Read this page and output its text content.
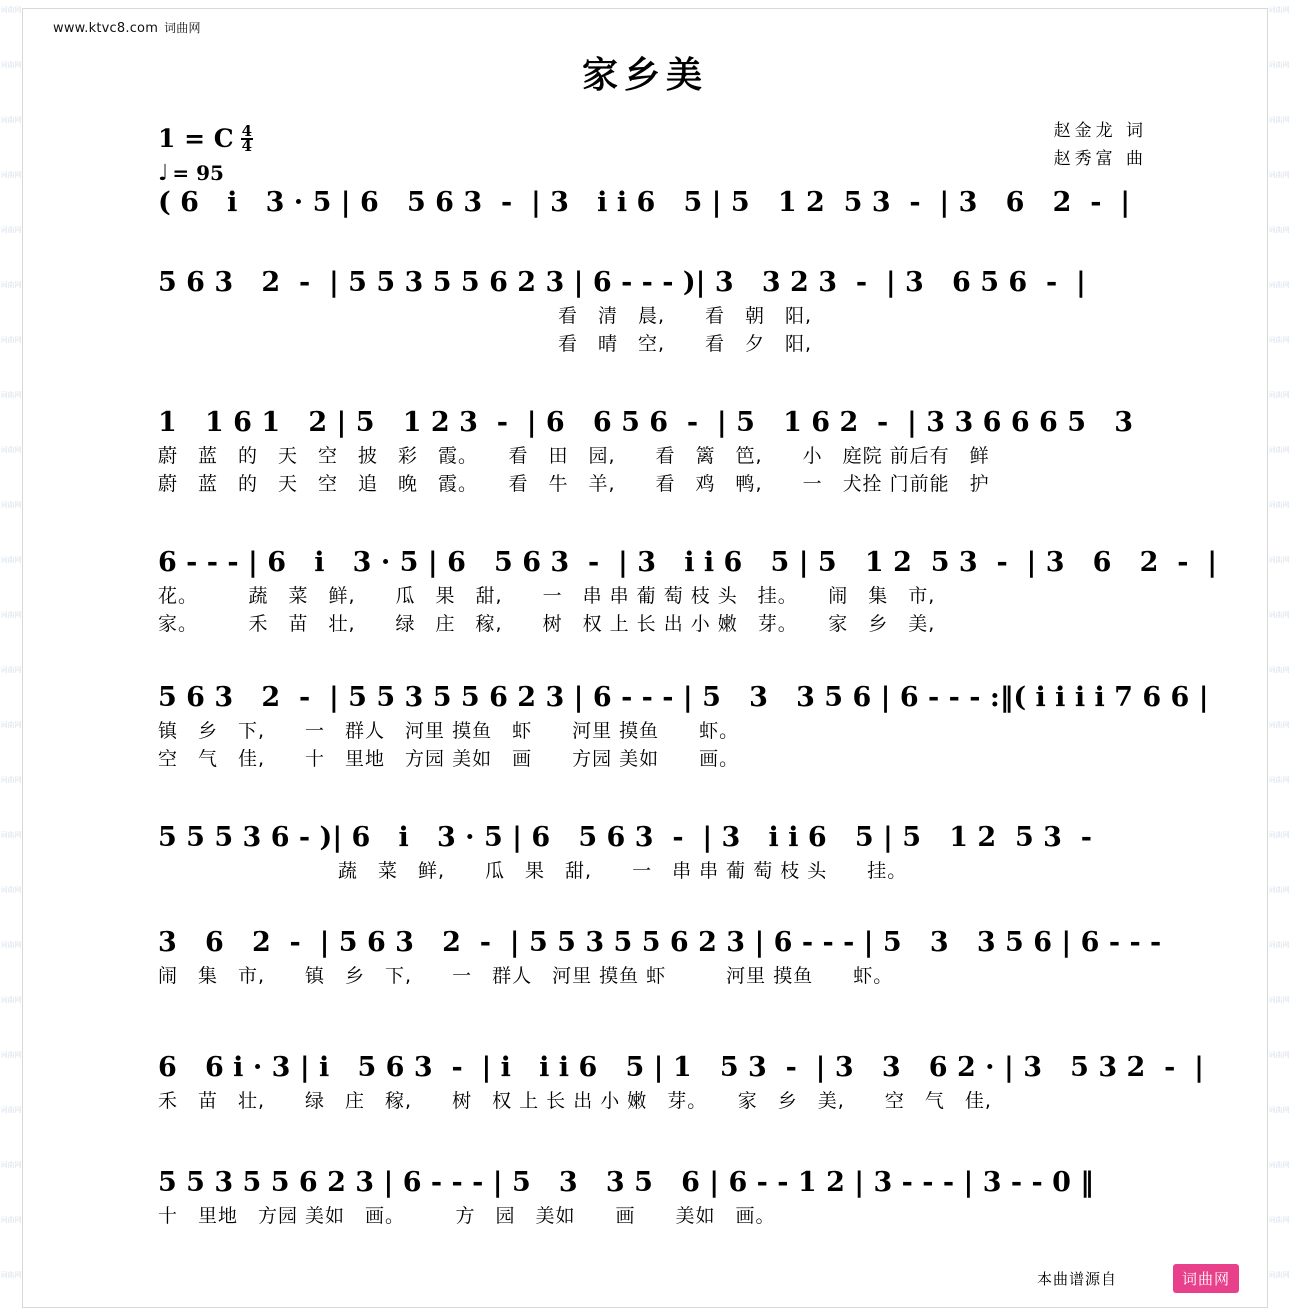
词曲网
词曲网
词曲网
词曲网
词曲网
词曲网
词曲网
词曲网
词曲网
词曲网
词曲网
词曲网
词曲网
词曲网
词曲网
词曲网
词曲网
词曲网
词曲网
词曲网
词曲网
词曲网
词曲网
词曲网
词曲网
词曲网
词曲网
词曲网
词曲网
词曲网
词曲网
词曲网
词曲网
词曲网
词曲网
词曲网
词曲网
词曲网
词曲网
词曲网
词曲网
词曲网
词曲网
词曲网
词曲网
词曲网
词曲网
词曲网
www.ktvc8.com 词曲网
家乡美
赵金龙 词
赵秀富 曲
1 = C $\frac{4}{4}$
♩ = 95
( 6   i   3 · 5 | 6   5 6 3  -  | 3   i i 6   5 | 5   1 2  5 3  -  | 3   6   2  -  |
5 6 3   2  -  | 5 5 3 5 5 6 2 3 | 6 - - - )| 3   3 2 3  -  | 3   6 5 6  -  |
　　　　　　　　　　　　　　　　　　　　看　清　晨,　　看　朝　阳,
　　　　　　　　　　　　　　　　　　　　看　晴　空,　　看　夕　阳,
1   1 6 1   2 | 5   1 2 3  -  | 6   6 5 6  -  | 5   1 6 2  -  | 3 3 6 6 6 5   3
蔚　蓝　的　天　空　披　彩　霞。　　看　田　园,　　看　篱　笆,　　小　庭院 前后有　鲜
蔚　蓝　的　天　空　追　晚　霞。　　看　牛　羊,　　看　鸡　鸭,　　一　犬拴 门前能　护
6 - - - | 6   i   3 · 5 | 6   5 6 3  -  | 3   i i 6   5 | 5   1 2  5 3  -  | 3   6   2  -  |
花。　　　蔬　菜　鲜,　　瓜　果　甜,　　一　串 串 葡 萄 枝 头　挂。　　闹　集　市,
家。　　　禾　苗　壮,　　绿　庄　稼,　　树　权 上 长 出 小 嫩　芽。　　家　乡　美,
5 6 3   2  -  | 5 5 3 5 5 6 2 3 | 6 - - - | 5   3   3 5 6 | 6 - - - :‖( i i i i 7 6 6 |
镇　乡　下,　　一　群人　河里 摸鱼　虾　　河里 摸鱼　　虾。
空　气　佳,　　十　里地　方园 美如　画　　方园 美如　　画。
5 5 5 3 6 - )| 6   i   3 · 5 | 6   5 6 3  -  | 3   i i 6   5 | 5   1 2  5 3  -
　　　　　　　　　蔬　菜　鲜,　　瓜　果　甜,　　一　串 串 葡 萄 枝 头　　挂。
3   6   2  -  | 5 6 3   2  -  | 5 5 3 5 5 6 2 3 | 6 - - - | 5   3   3 5 6 | 6 - - -
闹　集　市,　　镇　乡　下,　　一　群人　河里 摸鱼 虾　　　河里 摸鱼　　虾。
6   6 i · 3 | i   5 6 3  -  | i   i i 6   5 | 1   5 3  -  | 3   3   6 2 · | 3   5 3 2  -  |
禾　苗　壮,　　绿　庄　稼,　　树　权 上 长 出 小 嫩　芽。　　家　乡　美,　　空　气　佳,
5 5 3 5 5 6 2 3 | 6 - - - | 5   3   3 5   6 | 6 - - 1 2 | 3 - - - | 3 - - 0 ‖
十　里地　方园 美如　画。　　　方　园　美如　　画　　美如　画。
本曲谱源自	词曲网
